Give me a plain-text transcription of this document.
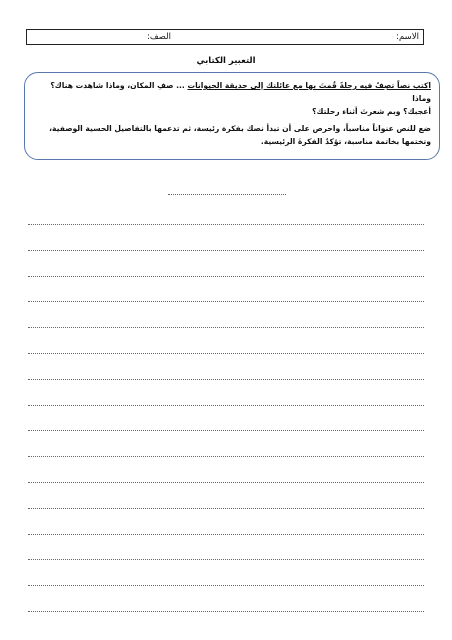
الاسم:
الصف:
التعبير الكتابي

اكتب نصاً تصِفُ فيه رحلةً قُمتَ بها مع عائلتك إلى حديقة الحيوانات ... صفِ المكان، وماذا شاهدت هناك؟ وماذا
أعجبك؟ وبم شعرتَ أثناء رحلتك؟

ضع للنص عنواناً مناسباً، واحرص على أن تبدأ نصك بفكرة رئيسة، ثم تدعمها بالتفاصيل الحسية الوصفية،
وتختمها بخاتمة مناسبة، تؤكدُ الفكرةَ الرئيسية.
